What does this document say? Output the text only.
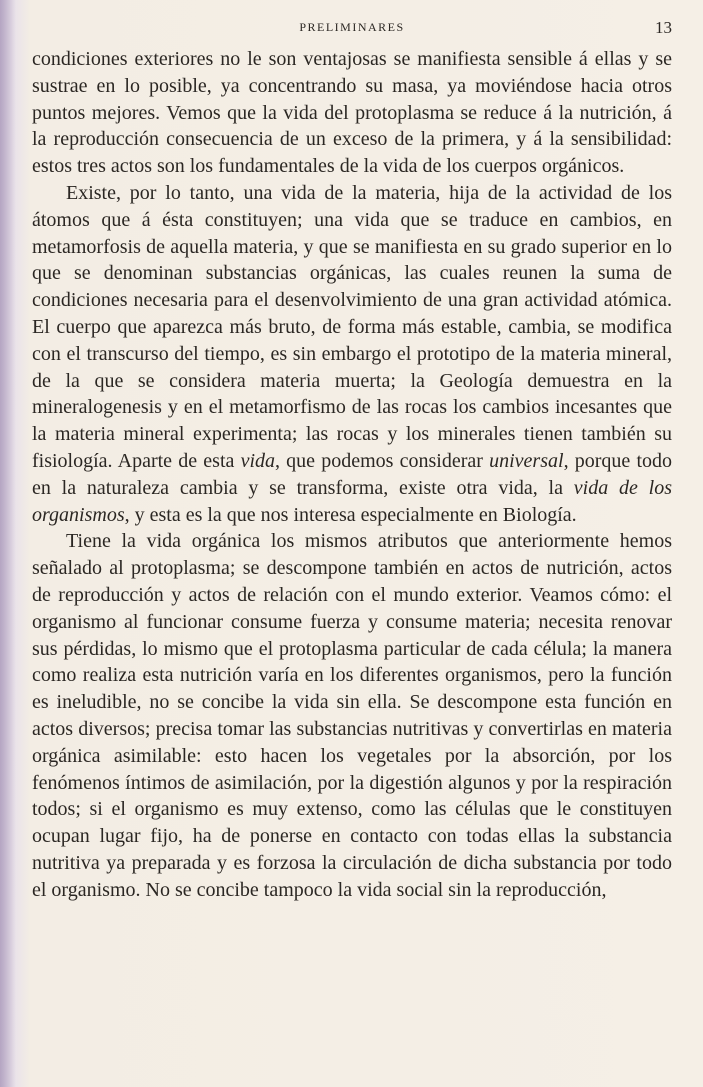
PRELIMINARES	13

condiciones exteriores no le son ventajosas se manifiesta sensible á ellas y se sustrae en lo posible, ya concentrando su masa, ya moviéndose hacia otros puntos mejores. Vemos que la vida del protoplasma se reduce á la nutrición, á la reproducción consecuencia de un exceso de la primera, y á la sensibilidad: estos tres actos son los fundamentales de la vida de los cuerpos orgánicos.

Existe, por lo tanto, una vida de la materia, hija de la actividad de los átomos que á ésta constituyen; una vida que se traduce en cambios, en metamorfosis de aquella materia, y que se manifiesta en su grado superior en lo que se denominan substancias orgánicas, las cuales reunen la suma de condiciones necesaria para el desenvolvimiento de una gran actividad atómica. El cuerpo que aparezca más bruto, de forma más estable, cambia, se modifica con el transcurso del tiempo, es sin embargo el prototipo de la materia mineral, de la que se considera materia muerta; la Geología demuestra en la mineralogenesis y en el metamorfismo de las rocas los cambios incesantes que la materia mineral experimenta; las rocas y los minerales tienen también su fisiología. Aparte de esta vida, que podemos considerar universal, porque todo en la naturaleza cambia y se transforma, existe otra vida, la vida de los organismos, y esta es la que nos interesa especialmente en Biología.

Tiene la vida orgánica los mismos atributos que anteriormente hemos señalado al protoplasma; se descompone también en actos de nutrición, actos de reproducción y actos de relación con el mundo exterior. Veamos cómo: el organismo al funcionar consume fuerza y consume materia; necesita renovar sus pérdidas, lo mismo que el protoplasma particular de cada célula; la manera como realiza esta nutrición varía en los diferentes organismos, pero la función es ineludible, no se concibe la vida sin ella. Se descompone esta función en actos diversos; precisa tomar las substancias nutritivas y convertirlas en materia orgánica asimilable: esto hacen los vegetales por la absorción, por los fenómenos íntimos de asimilación, por la digestión algunos y por la respiración todos; si el organismo es muy extenso, como las células que le constituyen ocupan lugar fijo, ha de ponerse en contacto con todas ellas la substancia nutritiva ya preparada y es forzosa la circulación de dicha substancia por todo el organismo. No se concibe tampoco la vida social sin la reproducción,
